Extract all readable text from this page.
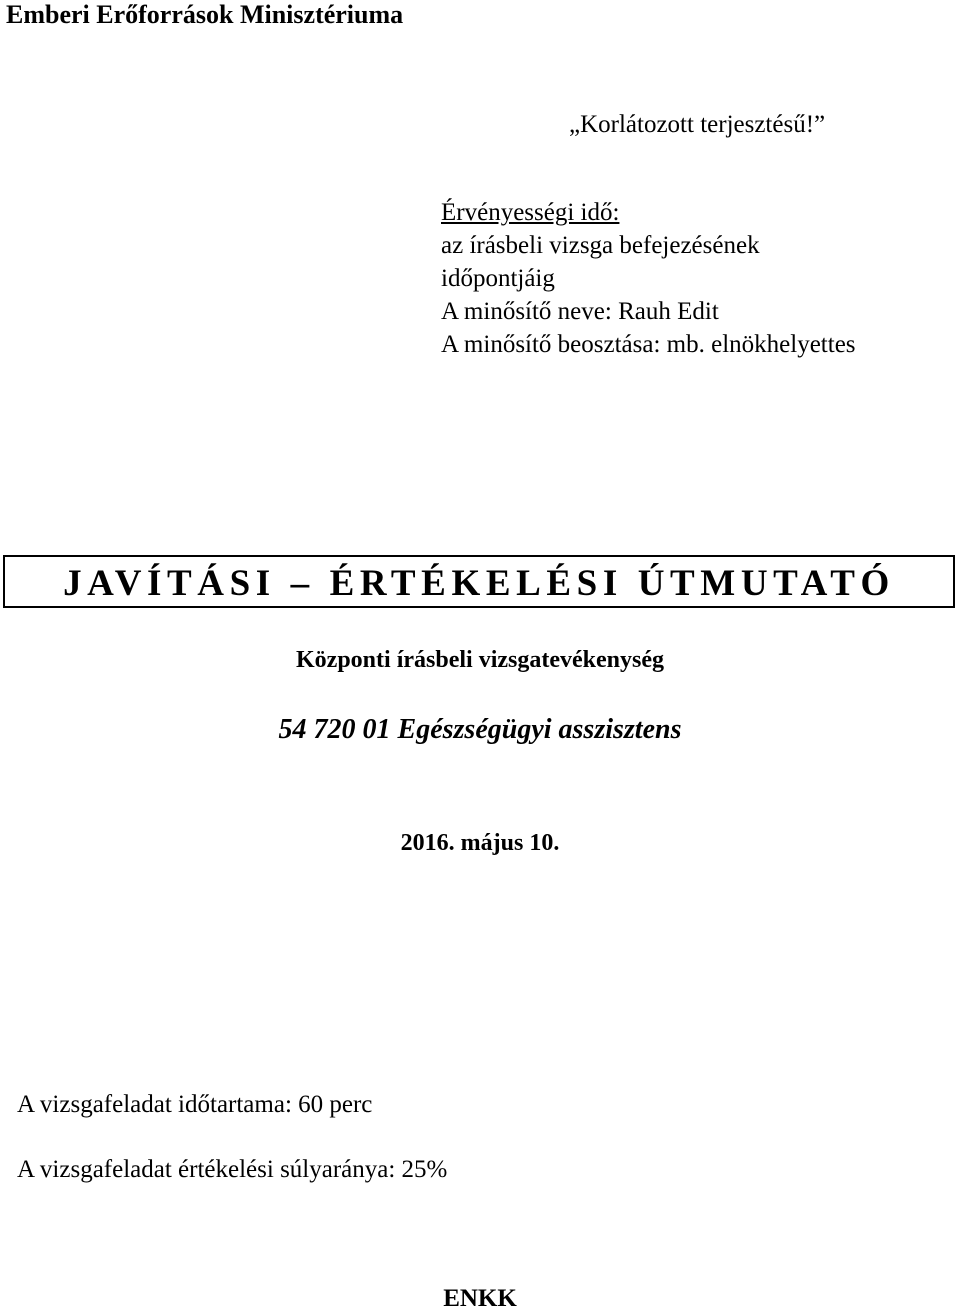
Emberi Erőforrások Minisztériuma
„Korlátozott terjesztésű!”
Érvényességi idő:
az írásbeli vizsga befejezésének
időpontjáig
A minősítő neve: Rauh Edit
A minősítő beosztása: mb. elnökhelyettes
JAVÍTÁSI – ÉRTÉKELÉSI ÚTMUTATÓ
Központi írásbeli vizsgatevékenység
54 720 01 Egészségügyi asszisztens
2016. május 10.
A vizsgafeladat időtartama: 60 perc
A vizsgafeladat értékelési súlyaránya: 25%
ENKK
